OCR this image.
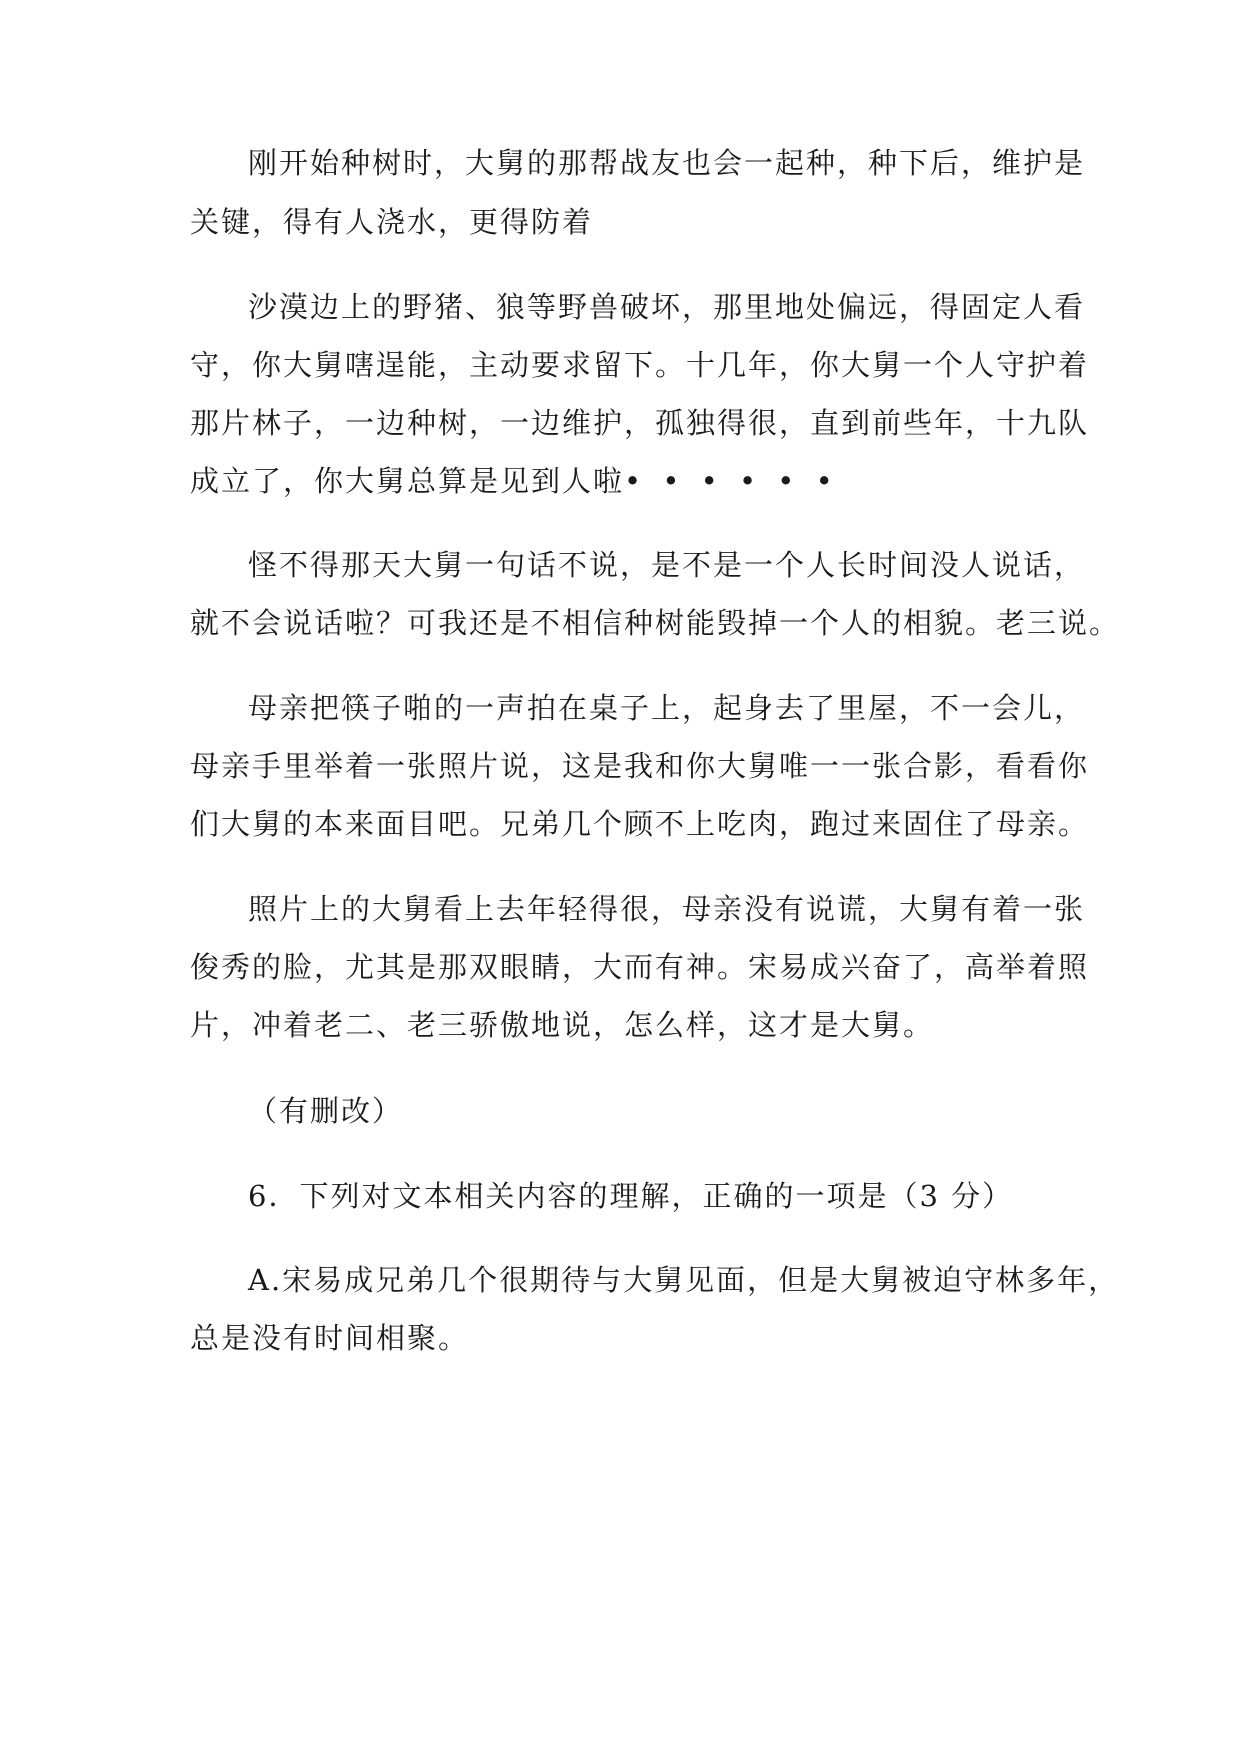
刚开始种树时，大舅的那帮战友也会一起种，种下后，维护是
关键，得有人浇水，更得防着
沙漠边上的野猪、狼等野兽破坏，那里地处偏远，得固定人看
守，你大舅嗐逞能，主动要求留下。十几年，你大舅一个人守护着
那片林子，一边种树，一边维护，孤独得很，直到前些年，十九队
成立了，你大舅总算是见到人啦• • • • • •
怪不得那天大舅一句话不说，是不是一个人长时间没人说话，
就不会说话啦？可我还是不相信种树能毁掉一个人的相貌。老三说。
母亲把筷子啪的一声拍在桌子上，起身去了里屋，不一会儿，
母亲手里举着一张照片说，这是我和你大舅唯一一张合影，看看你
们大舅的本来面目吧。兄弟几个顾不上吃肉，跑过来固住了母亲。
照片上的大舅看上去年轻得很，母亲没有说谎，大舅有着一张
俊秀的脸，尤其是那双眼睛，大而有神。宋易成兴奋了，高举着照
片，冲着老二、老三骄傲地说，怎么样，这才是大舅。
（有删改）
6．下列对文本相关内容的理解，正确的一项是（3 分）
A.宋易成兄弟几个很期待与大舅见面，但是大舅被迫守林多年，
总是没有时间相聚。
